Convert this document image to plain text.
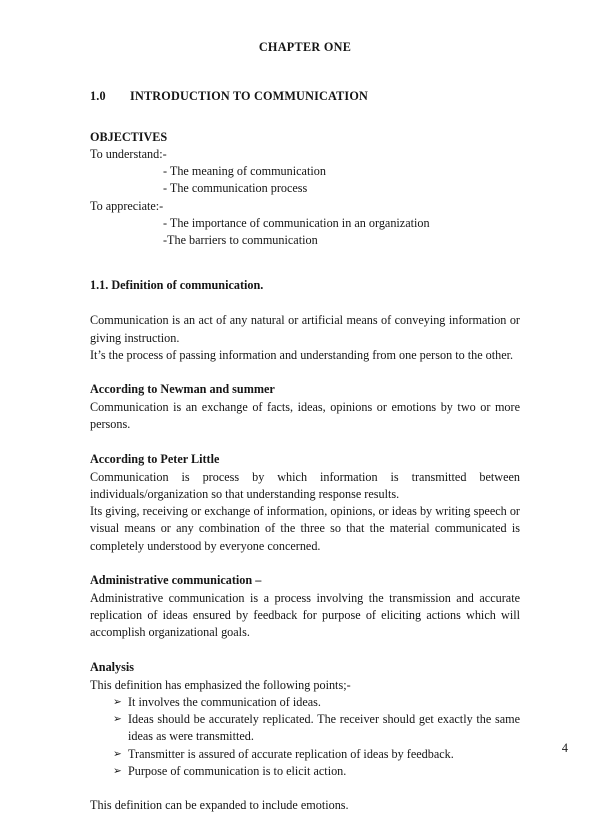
CHAPTER ONE
1.0	INTRODUCTION TO COMMUNICATION
OBJECTIVES
To understand:-
- The meaning of communication
- The communication process
To appreciate:-
- The importance of communication in an organization
-The barriers to communication
1.1. Definition of communication.
Communication is an act of any natural or artificial means of conveying information or giving instruction.
It’s the process of passing information and understanding from one person to the other.
According to Newman and summer
Communication is an exchange of facts, ideas, opinions or emotions by two or more persons.
According to Peter Little
Communication is process by which information is transmitted between individuals/organization so that understanding response results.
Its giving, receiving or exchange of information, opinions, or ideas by writing speech or visual means or any combination of the three so that the material communicated is completely understood by everyone concerned.
Administrative communication –
Administrative communication is a process involving the transmission and accurate replication of ideas ensured by feedback for purpose of eliciting actions which will accomplish organizational goals.
Analysis
This definition has emphasized the following points;-
➢ It involves the communication of ideas.
➢ Ideas should be accurately replicated. The receiver should get exactly the same ideas as were transmitted.
➢ Transmitter is assured of accurate replication of ideas by feedback.
➢ Purpose of communication is to elicit action.
This definition can be expanded to include emotions.
4
